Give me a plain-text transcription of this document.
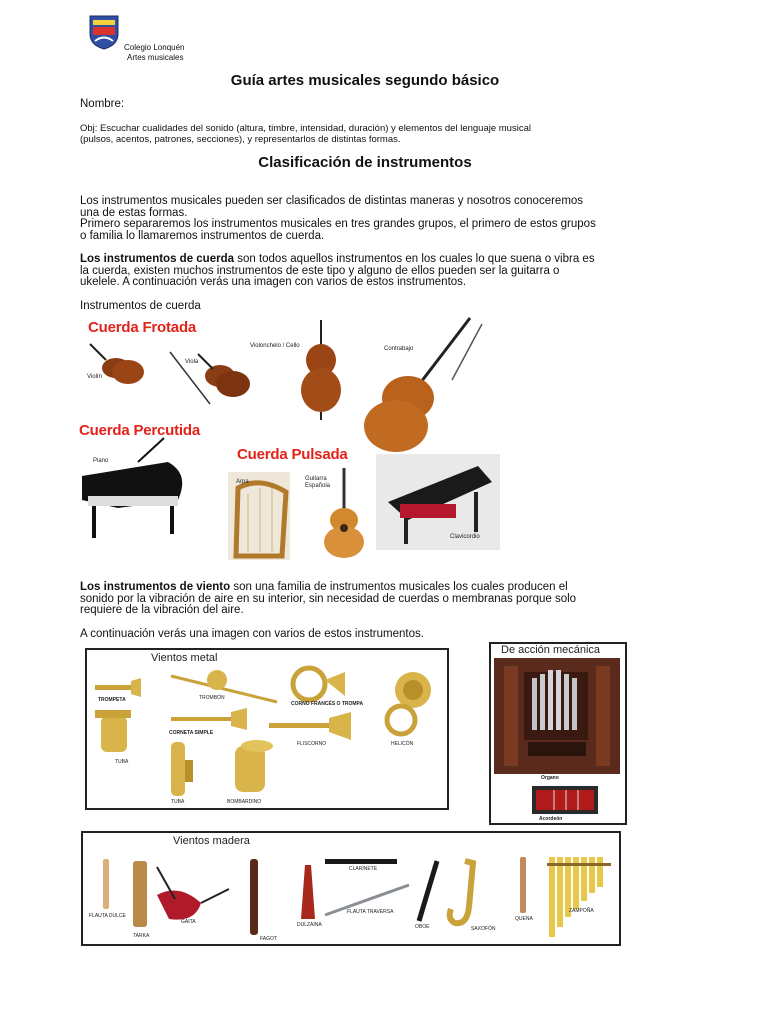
Colegio Lonquén
Artes musicales
Guía artes musicales segundo básico
Nombre:
Obj: Escuchar cualidades del sonido (altura, timbre, intensidad, duración) y elementos del lenguaje musical
(pulsos, acentos, patrones, secciones), y representarlos de distintas formas.
Clasificación de instrumentos
Los instrumentos musicales pueden ser clasificados de distintas maneras y nosotros conoceremos
una de estas formas.
Primero separaremos los instrumentos musicales en tres grandes grupos, el primero de estos grupos
o familia lo llamaremos instrumentos de cuerda.
Los instrumentos de cuerda son todos aquellos instrumentos en los cuales lo que suena o vibra es
la cuerda, existen muchos instrumentos de este tipo y alguno de ellos pueden ser la guitarra o
ukelele. A continuación verás una imagen con varios de estos instrumentos.
Instrumentos de cuerda
Cuerda Frotada
Cuerda Percutida
Cuerda Pulsada
Violín
Viola
Violonchelo / Cello	Contrabajo
Piano
Arpa	Guitarra Española
Clavicordio
Los instrumentos de viento son una familia de instrumentos musicales los cuales producen el
sonido por la vibración de aire en su interior, sin necesidad de cuerdas o membranas porque solo
requiere de la vibración del aire.
A continuación verás una imagen con varios de estos instrumentos.
Vientos metal
TROMPETA	TROMBÓN
CORNO FRANCÉS O TROMPA
CORNETA SIMPLE
FLISCORNO	HELICÓN
TUBA
TUBA	BOMBARDINO
De acción mecánica
Organo
Acordeón
Vientos madera
FLAUTA DULCE
TARKA
GAITA
FAGOT
DULZAINA
CLARINETE
FLAUTA TRAVERSA
OBOE	SAXOFÓN
QUENA
ZAMPOÑA
